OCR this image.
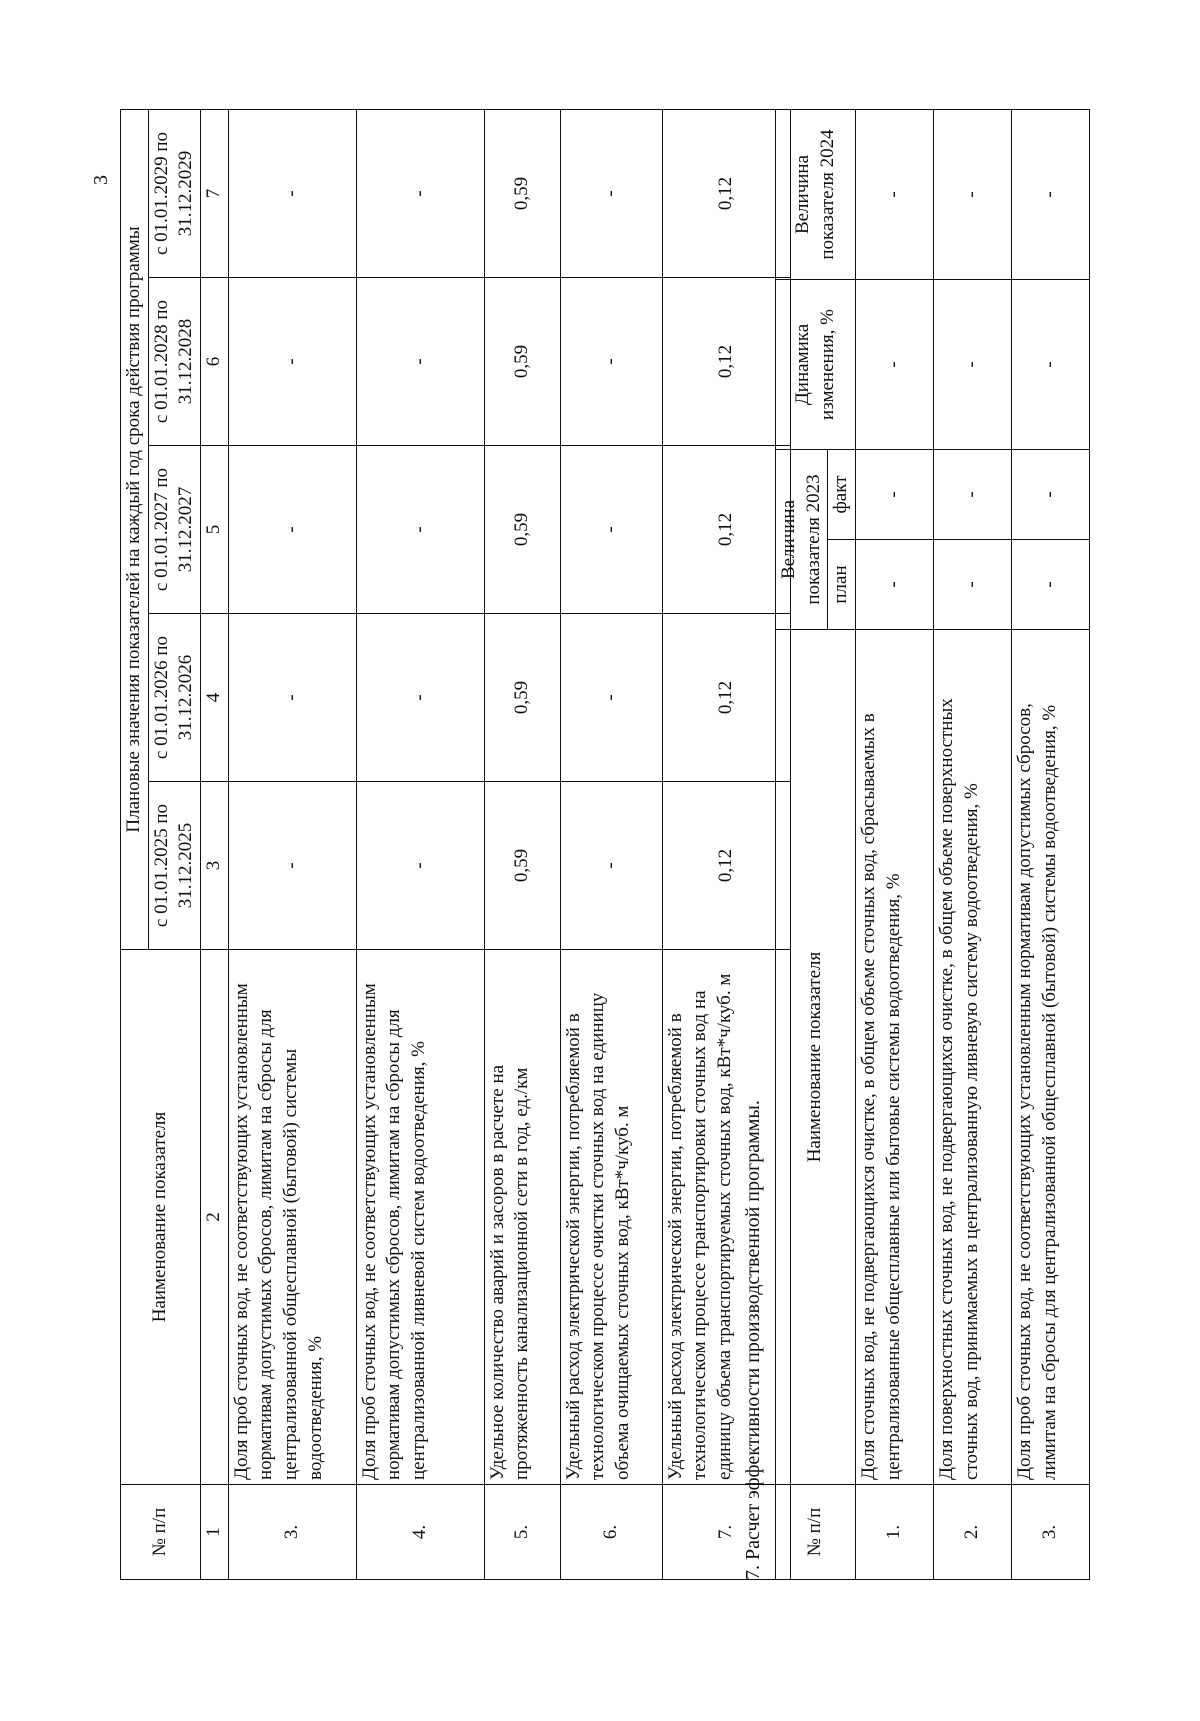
3
№ п/п	Наименование показателя	Плановые значения показателей на каждый год срока действия программы				
		с 01.01.2025 по 31.12.2025	с 01.01.2026 по 31.12.2026	с 01.01.2027 по 31.12.2027	с 01.01.2028 по 31.12.2028	с 01.01.2029 по 31.12.2029
1	2	3	4	5	6	7
3.	Доля проб сточных вод, не соответствующих установленным нормативам допустимых сбросов, лимитам на сбросы для централизованной общесплавной (бытовой) системы водоотведения, %	-	-	-	-	-
4.	Доля проб сточных вод, не соответствующих установленным нормативам допустимых сбросов, лимитам на сбросы для централизованной ливневой систем водоотведения, %	-	-	-	-	-
5.	Удельное количество аварий и засоров в расчете на протяженность канализационной сети в год, ед./км	0,59	0,59	0,59	0,59	0,59
6.	Удельный расход электрической энергии, потребляемой в технологическом процессе очистки сточных вод на единицу объема очищаемых сточных вод, кВт*ч/куб. м	-	-	-	-	-
7.	Удельный расход электрической энергии, потребляемой в технологическом процессе транспортировки сточных вод на единицу объема транспортируемых сточных вод, кВт*ч/куб. м	0,12	0,12	0,12	0,12	0,12
7. Расчет эффективности производственной программы. № п/п	Наименование показателя	Величина показателя 2023		Динамика изменения, %	Величина показателя 2024
		план	факт		
1.	Доля сточных вод, не подвергающихся очистке, в общем объеме сточных вод, сбрасываемых в централизованные общесплавные или бытовые системы водоотведения, %	-	-	-	-
2.	Доля поверхностных сточных вод, не подвергающихся очистке, в общем объеме поверхностных сточных вод, принимаемых в централизованную ливневую систему водоотведения, %	-	-	-	-
3.	Доля проб сточных вод, не соответствующих установленным нормативам допустимых сбросов, лимитам на сбросы для централизованной общесплавной (бытовой) системы водоотведения, %	-	-	-	-
